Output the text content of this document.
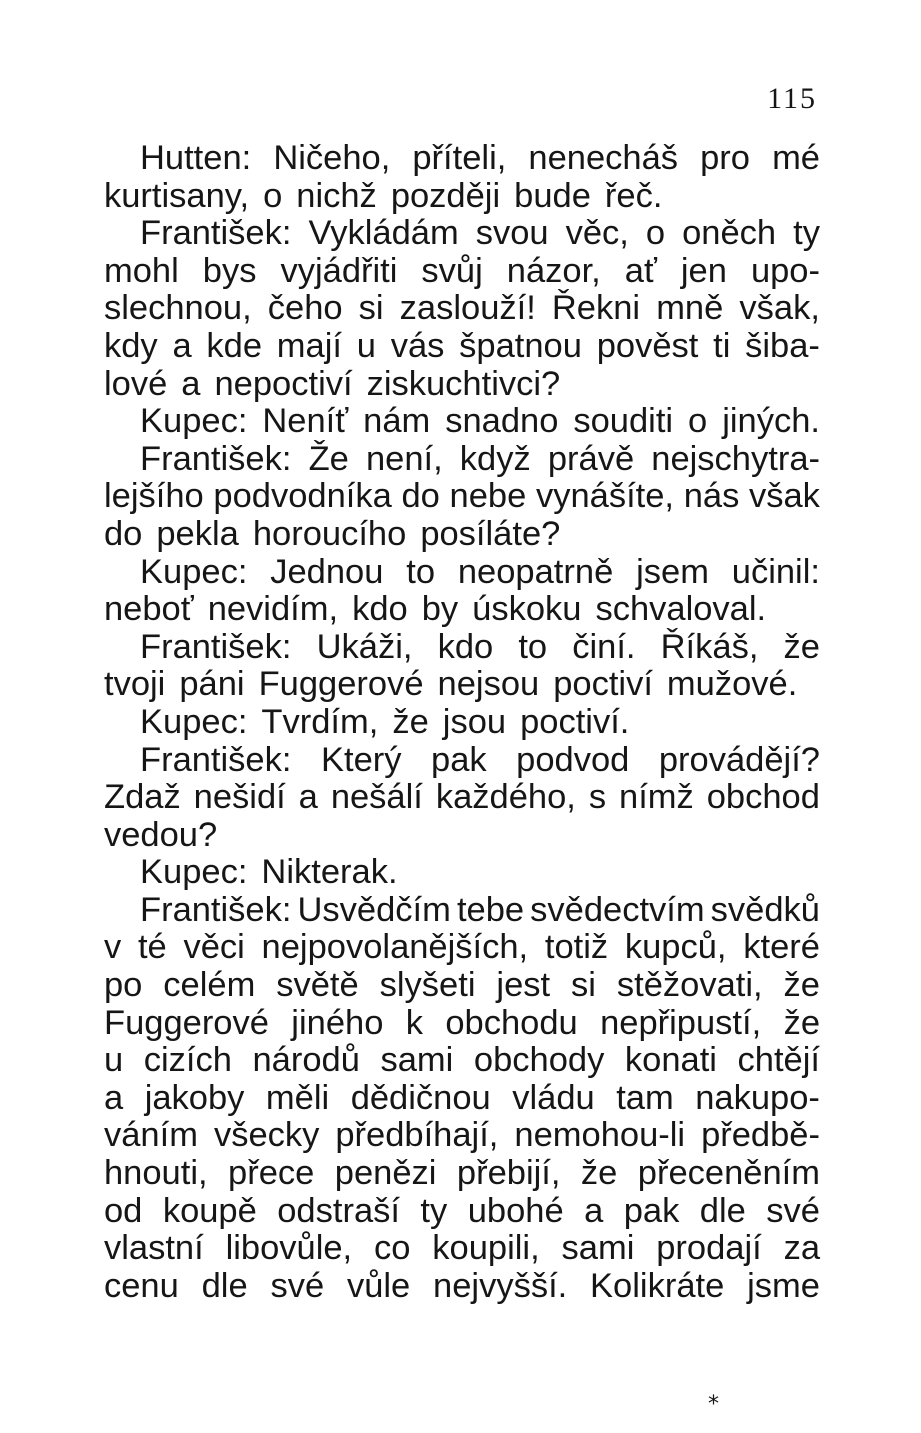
115
Hutten: Ničeho, příteli, nenecháš pro mé
kurtisany, o nichž později bude řeč.
František: Vykládám svou věc, o oněch ty
mohl bys vyjádřiti svůj názor, ať jen upo-
slechnou, čeho si zaslouží! Řekni mně však,
kdy a kde mají u vás špatnou pověst ti šiba-
lové a nepoctiví ziskuchtivci?
Kupec: Neníť nám snadno souditi o jiných.
František: Že není, když právě nejschytra-
lejšího podvodníka do nebe vynášíte, nás však
do pekla horoucího posíláte?
Kupec: Jednou to neopatrně jsem učinil:
neboť nevidím, kdo by úskoku schvaloval.
František: Ukáži, kdo to činí. Říkáš, že
tvoji páni Fuggerové nejsou poctiví mužové.
Kupec: Tvrdím, že jsou poctiví.
František: Který pak podvod provádějí?
Zdaž nešidí a nešálí každého, s nímž obchod
vedou?
Kupec: Nikterak.
František: Usvědčím tebe svědectvím svědků
v té věci nejpovolanějších, totiž kupců, které
po celém světě slyšeti jest si stěžovati, že
Fuggerové jiného k obchodu nepřipustí, že
u cizích národů sami obchody konati chtějí
a jakoby měli dědičnou vládu tam nakupo-
váním všecky předbíhají, nemohou-li předbě-
hnouti, přece penězi přebijí, že přeceněním
od koupě odstraší ty ubohé a pak dle své
vlastní libovůle, co koupili, sami prodají za
cenu dle své vůle nejvyšší. Kolikráte jsme
*
